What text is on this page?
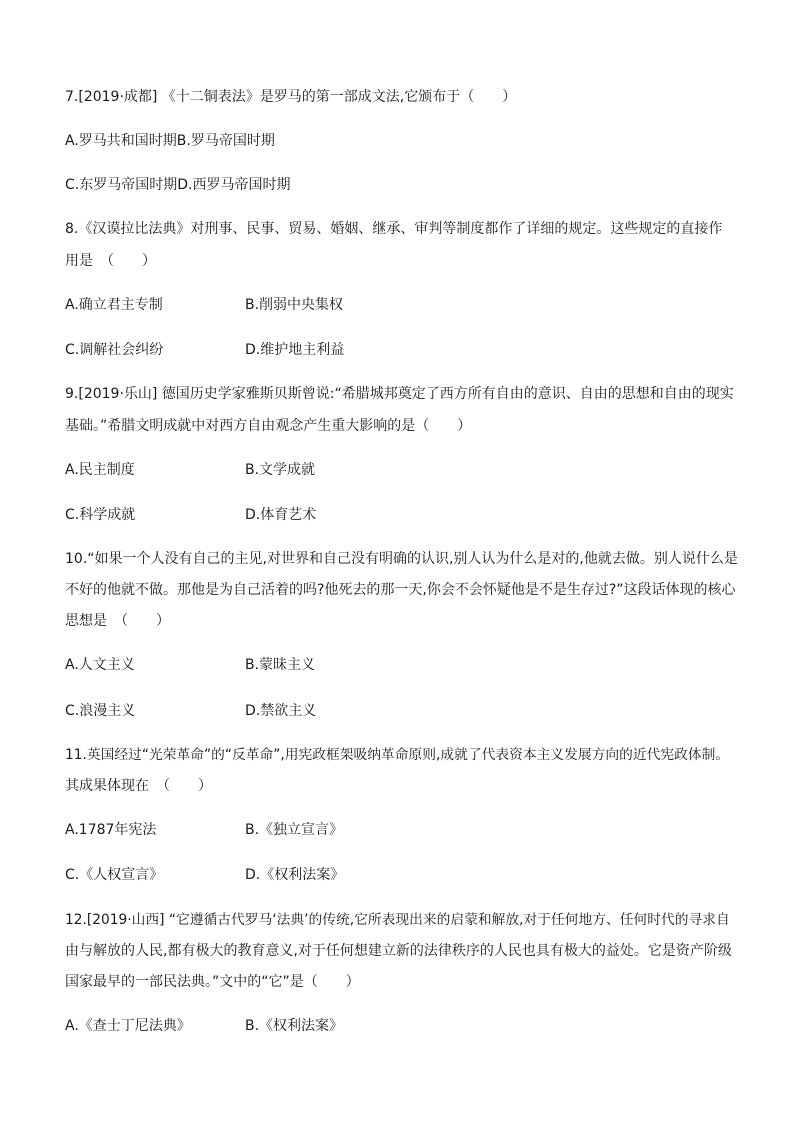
7.[2019·成都] 《十二铜表法》是罗马的第一部成文法,它颁布于（　　）
A.罗马共和国时期B.罗马帝国时期
C.东罗马帝国时期D.西罗马帝国时期
8.《汉谟拉比法典》对刑事、民事、贸易、婚姻、继承、审判等制度都作了详细的规定。这些规定的直接作
用是　（　　）
A.确立君主专制	B.削弱中央集权
C.调解社会纠纷	D.维护地主利益
9.[2019·乐山] 德国历史学家雅斯贝斯曾说:“希腊城邦奠定了西方所有自由的意识、自由的思想和自由的现实
基础。”希腊文明成就中对西方自由观念产生重大影响的是（　　）
A.民主制度	B.文学成就
C.科学成就	D.体育艺术
10.“如果一个人没有自己的主见,对世界和自己没有明确的认识,别人认为什么是对的,他就去做。别人说什么是
不好的他就不做。那他是为自己活着的吗?他死去的那一天,你会不会怀疑他是不是生存过?”这段话体现的核心
思想是　（　　）
A.人文主义	B.蒙昧主义
C.浪漫主义	D.禁欲主义
11.英国经过“光荣革命”的“反革命”,用宪政框架吸纳革命原则,成就了代表资本主义发展方向的近代宪政体制。
其成果体现在　（　　）
A.1787年宪法	B.《独立宣言》
C.《人权宣言》	D.《权利法案》
12.[2019·山西] “它遵循古代罗马‘法典’的传统,它所表现出来的启蒙和解放,对于任何地方、任何时代的寻求自
由与解放的人民,都有极大的教育意义,对于任何想建立新的法律秩序的人民也具有极大的益处。它是资产阶级
国家最早的一部民法典。”文中的“它”是（　　）
A.《查士丁尼法典》	B.《权利法案》
